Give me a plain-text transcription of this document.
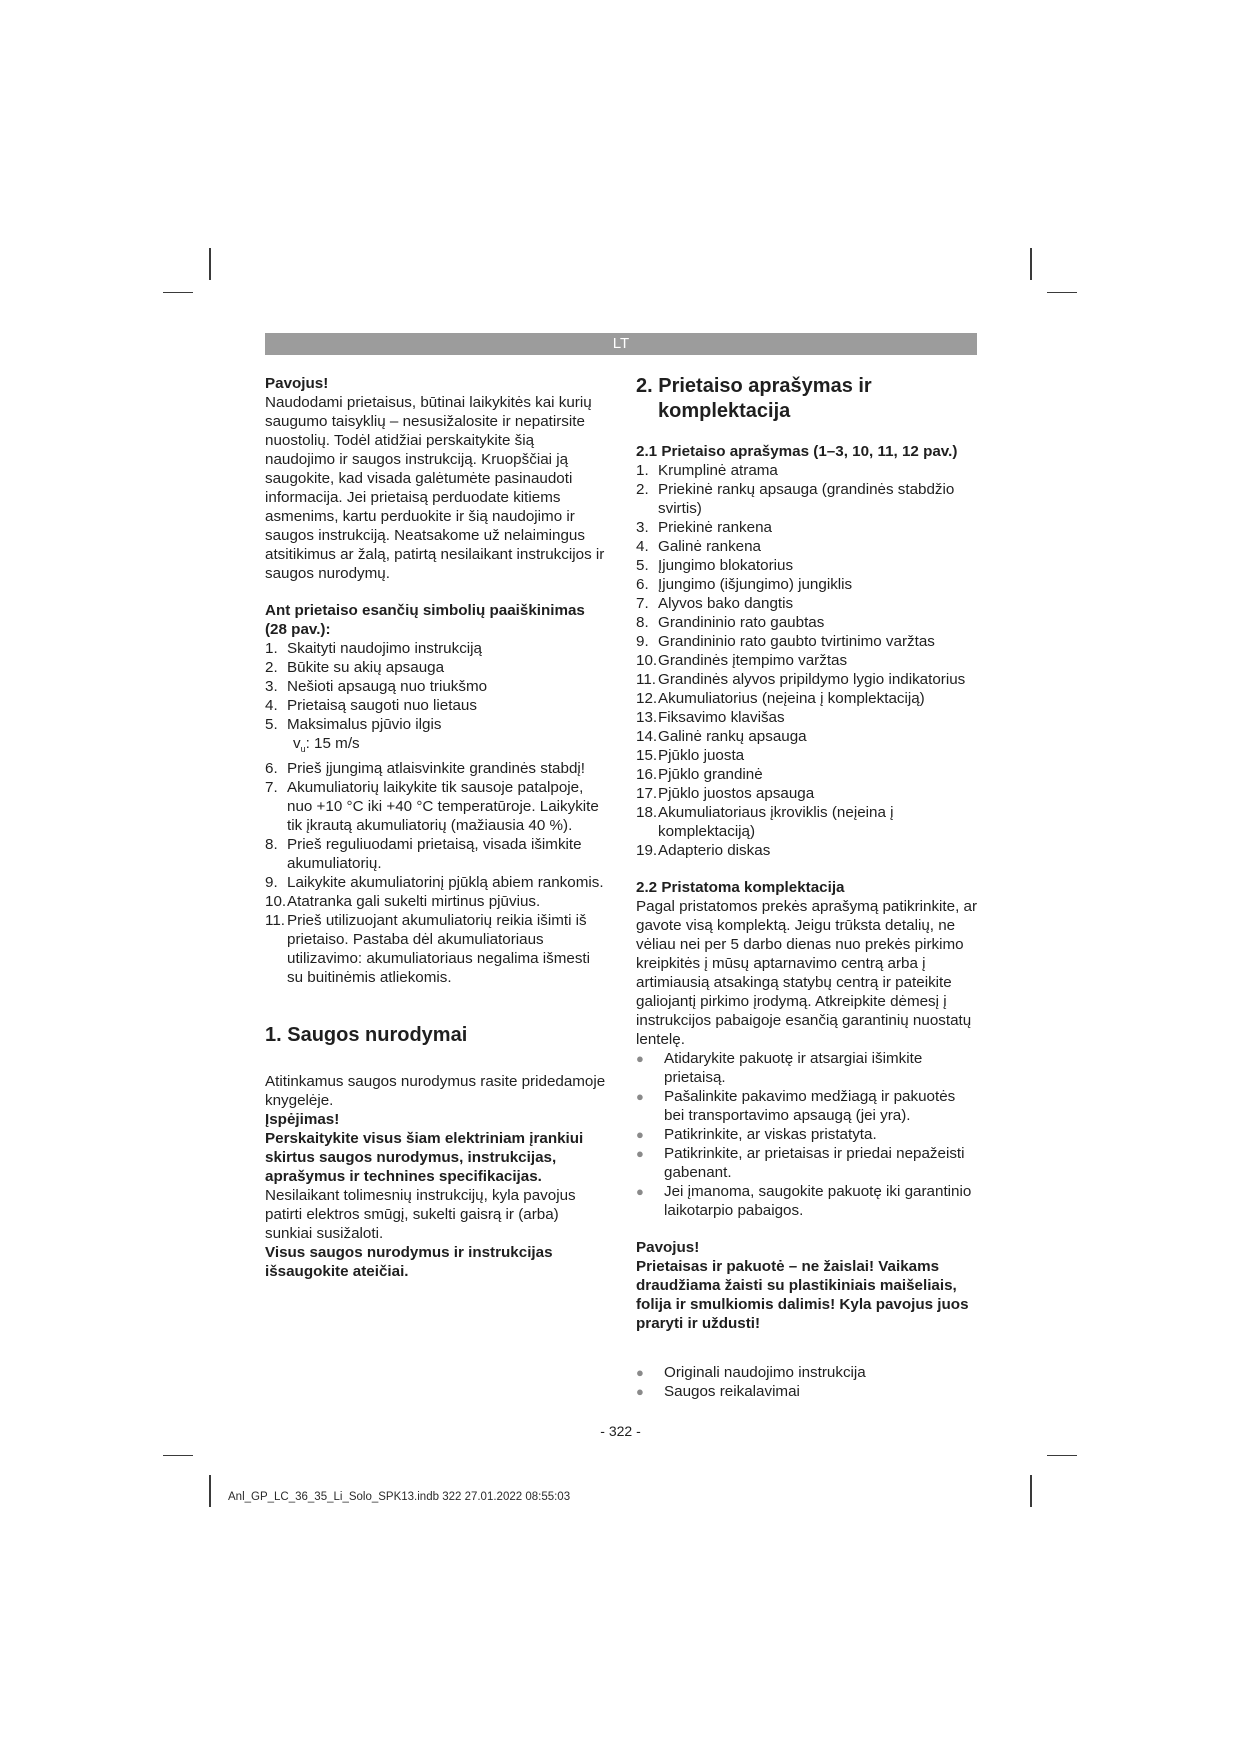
LT

Pavojus!

Naudodami prietaisus, būtinai laikykitės kai kurių saugumo taisyklių – nesusižalosite ir nepatirsite nuostolių. Todėl atidžiai perskaitykite šią naudojimo ir saugos instrukciją. Kruopščiai ją saugokite, kad visada galėtumėte pasinaudoti informacija. Jei prietaisą perduodate kitiems asmenims, kartu perduokite ir šią naudojimo ir saugos instrukciją. Neatsakome už nelaimingus atsitikimus ar žalą, patirtą nesilaikant instrukcijos ir saugos nurodymų.

Ant prietaiso esančių simbolių paaiškinimas (28 pav.):

1. Skaityti naudojimo instrukciją
2. Būkite su akių apsauga
3. Nešioti apsaugą nuo triukšmo
4. Prietaisą saugoti nuo lietaus
5. Maksimalus pjūvio ilgis
$v_u$: 15 m/s
6. Prieš įjungimą atlaisvinkite grandinės stabdį!
7. Akumuliatorių laikykite tik sausoje patalpoje, nuo +10 °C iki +40 °C temperatūroje. Laikykite tik įkrautą akumuliatorių (mažiausia 40 %).
8. Prieš reguliuodami prietaisą, visada išimkite akumuliatorių.
9. Laikykite akumuliatorinį pjūklą abiem rankomis.
10. Atatranka gali sukelti mirtinus pjūvius.
11. Prieš utilizuojant akumuliatorių reikia išimti iš prietaiso. Pastaba dėl akumuliatoriaus utilizavimo: akumuliatoriaus negalima išmesti su buitinėmis atliekomis.

1. Saugos nurodymai

Atitinkamus saugos nurodymus rasite pridedamoje knygelėje.

Įspėjimas!

Perskaitykite visus šiam elektriniam įrankiui skirtus saugos nurodymus, instrukcijas, aprašymus ir technines specifikacijas. Nesilaikant tolimesnių instrukcijų, kyla pavojus patirti elektros smūgį, sukelti gaisrą ir (arba) sunkiai susižaloti.

Visus saugos nurodymus ir instrukcijas išsaugokite ateičiai.

2. Prietaiso aprašymas ir komplektacija

2.1 Prietaiso aprašymas (1–3, 10, 11, 12 pav.)

1. Krumplinė atrama
2. Priekinė rankų apsauga (grandinės stabdžio svirtis)
3. Priekinė rankena
4. Galinė rankena
5. Įjungimo blokatorius
6. Įjungimo (išjungimo) jungiklis
7. Alyvos bako dangtis
8. Grandininio rato gaubtas
9. Grandininio rato gaubto tvirtinimo varžtas
10. Grandinės įtempimo varžtas
11. Grandinės alyvos pripildymo lygio indikatorius
12. Akumuliatorius (neįeina į komplektaciją)
13. Fiksavimo klavišas
14. Galinė rankų apsauga
15. Pjūklo juosta
16. Pjūklo grandinė
17. Pjūklo juostos apsauga
18. Akumuliatoriaus įkroviklis (neįeina į komplektaciją)
19. Adapterio diskas

2.2 Pristatoma komplektacija

Pagal pristatomos prekės aprašymą patikrinkite, ar gavote visą komplektą. Jeigu trūksta detalių, ne vėliau nei per 5 darbo dienas nuo prekės pirkimo kreipkitės į mūsų aptarnavimo centrą arba į artimiausią atsakingą statybų centrą ir pateikite galiojantį pirkimo įrodymą. Atkreipkite dėmesį į instrukcijos pabaigoje esančią garantinių nuostatų lentelę.

● Atidarykite pakuotę ir atsargiai išimkite prietaisą.
● Pašalinkite pakavimo medžiagą ir pakuotės bei transportavimo apsaugą (jei yra).
● Patikrinkite, ar viskas pristatyta.
● Patikrinkite, ar prietaisas ir priedai nepažeisti gabenant.
● Jei įmanoma, saugokite pakuotę iki garantinio laikotarpio pabaigos.

Pavojus!

Prietaisas ir pakuotė – ne žaislai! Vaikams draudžiama žaisti su plastikiniais maišeliais, folija ir smulkiomis dalimis! Kyla pavojus juos praryti ir uždusti!

● Originali naudojimo instrukcija
● Saugos reikalavimai
- 322 -
Anl_GP_LC_36_35_Li_Solo_SPK13.indb 322 27.01.2022 08:55:03
